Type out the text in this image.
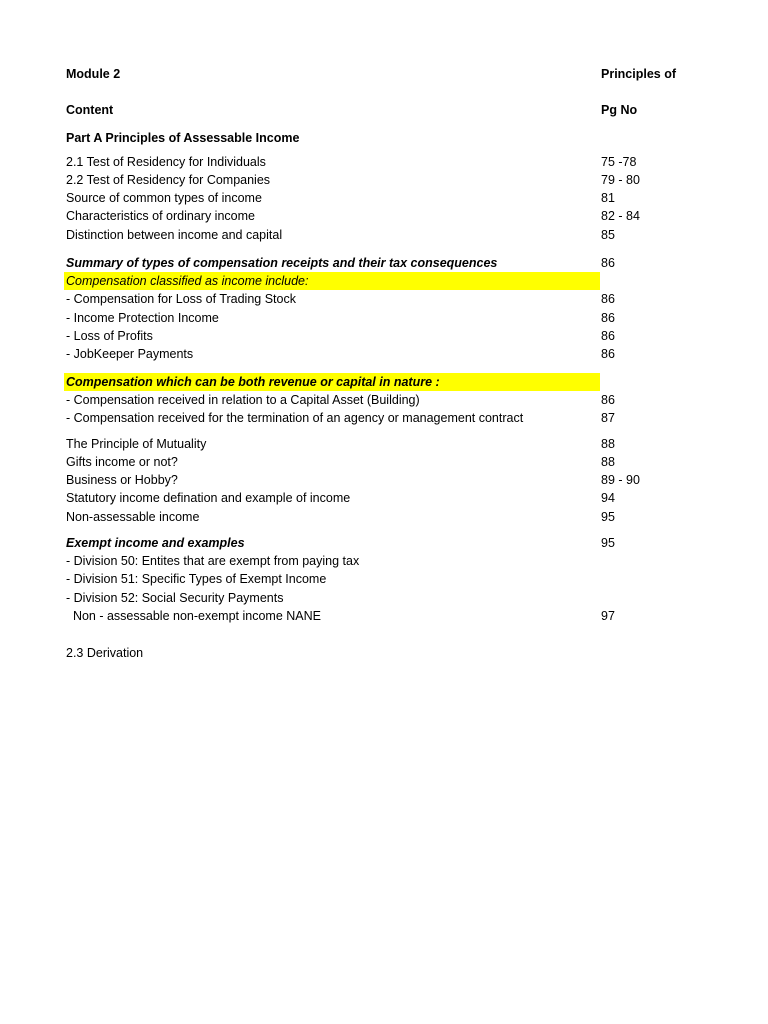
Module 2	Principles of
Content	Pg No
Part A Principles of Assessable Income
2.1 Test of Residency for Individuals	75 -78
2.2 Test of Residency for Companies	79 - 80
Source of common types of income	81
Characteristics of ordinary income	82 - 84
Distinction between income and capital	85
Summary of types of compensation receipts and their tax consequences	86
Compensation classified as income include:
- Compensation for Loss of Trading Stock	86
- Income Protection Income	86
- Loss of Profits	86
- JobKeeper Payments	86
Compensation which can be both revenue or capital in nature :
- Compensation received in relation to a Capital Asset (Building)	86
- Compensation received for the termination of an agency or management contract	87
The Principle of Mutuality	88
Gifts income or not?	88
Business or Hobby?	89 - 90
Statutory income defination and example of income	94
Non-assessable income	95
Exempt income and examples	95
- Division 50: Entites that are exempt from paying tax
- Division 51: Specific Types of Exempt Income
- Division 52: Social Security Payments
Non - assessable non-exempt income NANE	97
2.3 Derivation
